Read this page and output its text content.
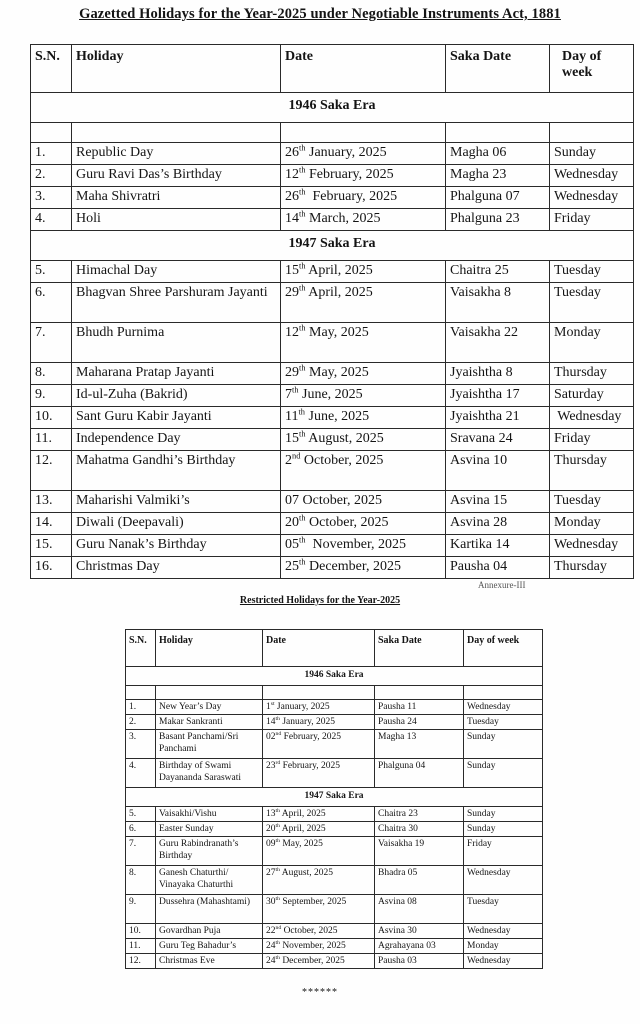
Gazetted Holidays for the Year-2025 under Negotiable Instruments Act, 1881
S.N.	Holiday	Date	Saka Date	Day of week
1946 Saka Era				

1.	Republic Day	26th January, 2025	Magha 06	Sunday
2.	Guru Ravi Das’s Birthday	12th February, 2025	Magha 23	Wednesday
3.	Maha Shivratri	26th  February, 2025	Phalguna 07	Wednesday
4.	Holi	14th March, 2025	Phalguna 23	Friday
1947 Saka Era				
5.	Himachal Day	15th April, 2025	Chaitra 25	Tuesday
6.	Bhagvan Shree Parshuram Jayanti	29th April, 2025	Vaisakha 8	Tuesday
7.	Bhudh Purnima	12th May, 2025	Vaisakha 22	Monday
8.	Maharana Pratap Jayanti	29th May, 2025	Jyaishtha 8	Thursday
9.	Id-ul-Zuha (Bakrid)	7th June, 2025	Jyaishtha 17	Saturday
10.	Sant Guru Kabir Jayanti	11th June, 2025	Jyaishtha 21	Wednesday
11.	Independence Day	15th August, 2025	Sravana 24	Friday
12.	Mahatma Gandhi’s Birthday	2nd October, 2025	Asvina 10	Thursday
13.	Maharishi Valmiki’s	07 October, 2025	Asvina 15	Tuesday
14.	Diwali (Deepavali)	20th October, 2025	Asvina 28	Monday
15.	Guru Nanak’s Birthday	05th  November, 2025	Kartika 14	Wednesday
16.	Christmas Day	25th December, 2025	Pausha 04	Thursday
Annexure-III
Restricted Holidays for the Year-2025
S.N.	Holiday	Date	Saka Date	Day of week
1946 Saka Era				

1.	New Year’s Day	1st January, 2025	Pausha 11	Wednesday
2.	Makar Sankranti	14th January, 2025	Pausha 24	Tuesday
3.	Basant Panchami/Sri Panchami	02nd February, 2025	Magha 13	Sunday
4.	Birthday of Swami Dayananda Saraswati	23rd February, 2025	Phalguna 04	Sunday
1947 Saka Era				
5.	Vaisakhi/Vishu	13th April, 2025	Chaitra 23	Sunday
6.	Easter Sunday	20th April, 2025	Chaitra 30	Sunday
7.	Guru Rabindranath’s Birthday	09th May, 2025	Vaisakha 19	Friday
8.	Ganesh Chaturthi/ Vinayaka Chaturthi	27th August, 2025	Bhadra 05	Wednesday
9.	Dussehra (Mahashtami)	30th September, 2025	Asvina 08	Tuesday
10.	Govardhan Puja	22nd October, 2025	Asvina 30	Wednesday
11.	Guru Teg Bahadur’s	24th November, 2025	Agrahayana 03	Monday
12.	Christmas Eve	24th December, 2025	Pausha 03	Wednesday
******
